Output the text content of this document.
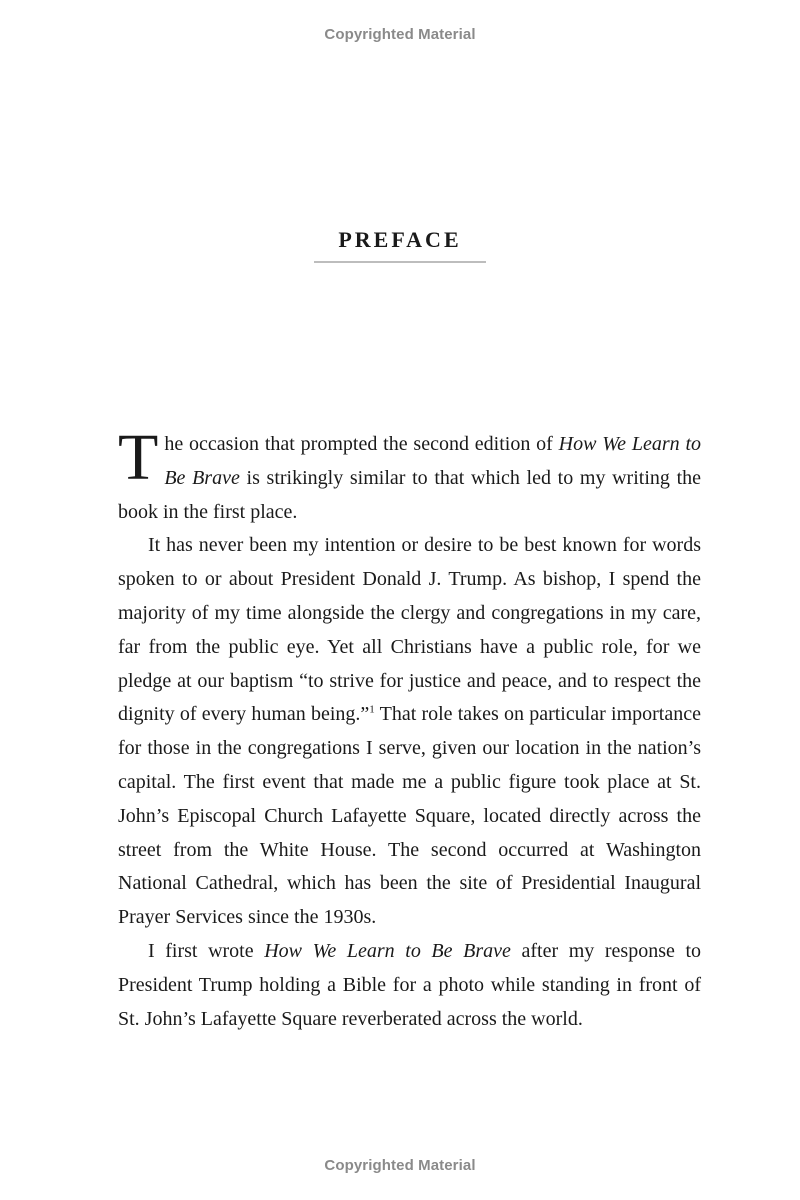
Copyrighted Material
PREFACE

The occasion that prompted the second edition of How We Learn to Be Brave is strikingly similar to that which led to my writing the book in the first place.

It has never been my intention or desire to be best known for words spoken to or about President Donald J. Trump. As bishop, I spend the majority of my time alongside the clergy and congregations in my care, far from the public eye. Yet all Christians have a public role, for we pledge at our baptism “to strive for justice and peace, and to respect the dignity of every human being.”$^1$ That role takes on particular importance for those in the congregations I serve, given our location in the nation’s capital. The first event that made me a public figure took place at St. John’s Episcopal Church Lafayette Square, located directly across the street from the White House. The second occurred at Washington National Cathedral, which has been the site of Presidential Inaugural Prayer Services since the 1930s.

I first wrote How We Learn to Be Brave after my response to President Trump holding a Bible for a photo while standing in front of St. John’s Lafayette Square reverberated across the world.

Copyrighted Material
